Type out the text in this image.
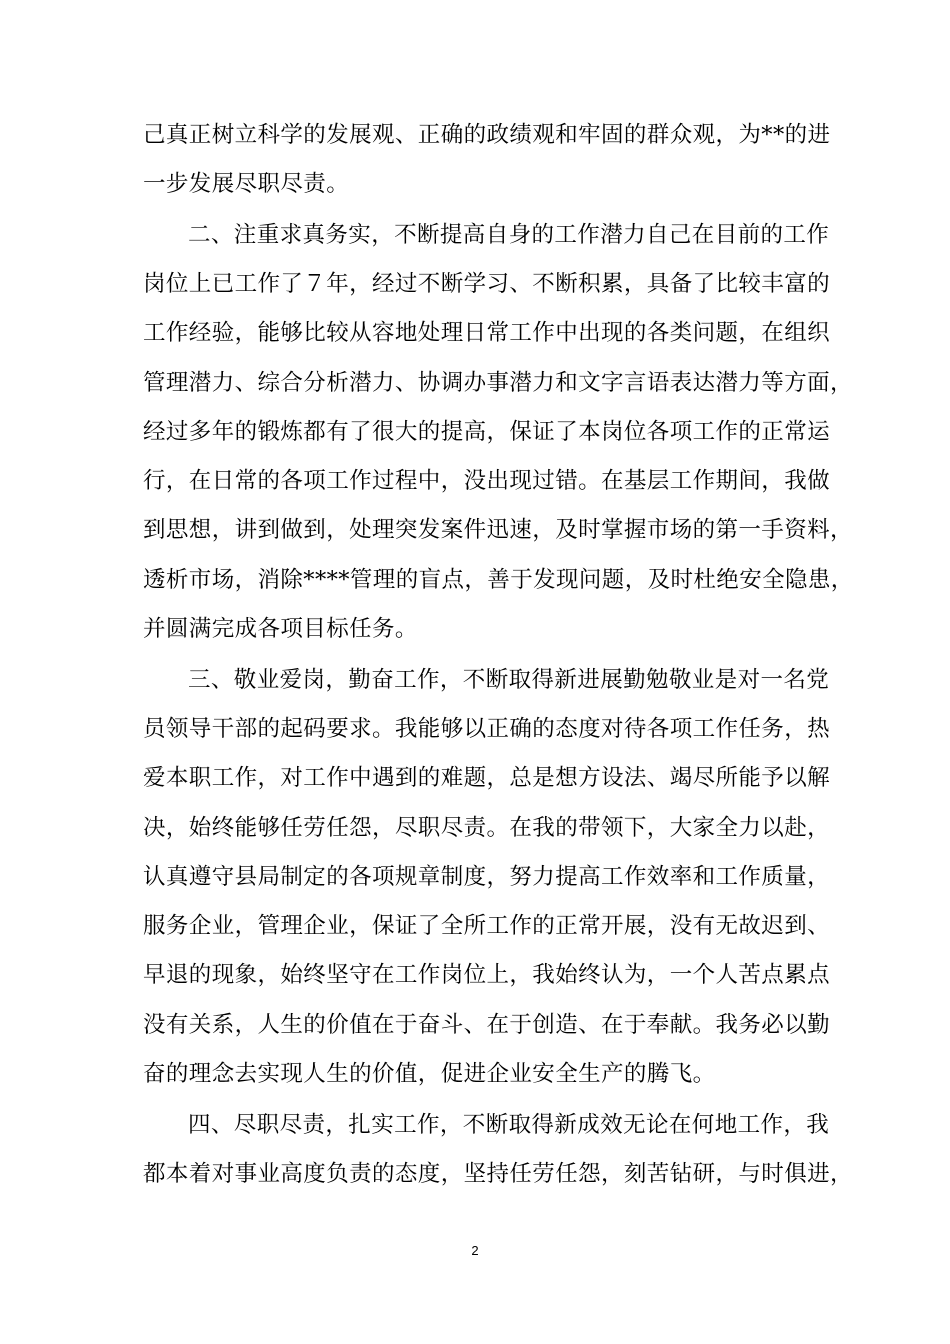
己真正树立科学的发展观、正确的政绩观和牢固的群众观，为**的进
一步发展尽职尽责。
二、注重求真务实，不断提高自身的工作潜力自己在目前的工作
岗位上已工作了７年，经过不断学习、不断积累，具备了比较丰富的
工作经验，能够比较从容地处理日常工作中出现的各类问题，在组织
管理潜力、综合分析潜力、协调办事潜力和文字言语表达潜力等方面，
经过多年的锻炼都有了很大的提高，保证了本岗位各项工作的正常运
行，在日常的各项工作过程中，没出现过错。在基层工作期间，我做
到思想，讲到做到，处理突发案件迅速，及时掌握市场的第一手资料，
透析市场，消除****管理的盲点，善于发现问题，及时杜绝安全隐患，
并圆满完成各项目标任务。
三、敬业爱岗，勤奋工作，不断取得新进展勤勉敬业是对一名党
员领导干部的起码要求。我能够以正确的态度对待各项工作任务，热
爱本职工作，对工作中遇到的难题，总是想方设法、竭尽所能予以解
决，始终能够任劳任怨，尽职尽责。在我的带领下，大家全力以赴，
认真遵守县局制定的各项规章制度，努力提高工作效率和工作质量，
服务企业，管理企业，保证了全所工作的正常开展，没有无故迟到、
早退的现象，始终坚守在工作岗位上，我始终认为，一个人苦点累点
没有关系，人生的价值在于奋斗、在于创造、在于奉献。我务必以勤
奋的理念去实现人生的价值，促进企业安全生产的腾飞。
四、尽职尽责，扎实工作，不断取得新成效无论在何地工作，我
都本着对事业高度负责的态度，坚持任劳任怨，刻苦钻研，与时俱进，
2
